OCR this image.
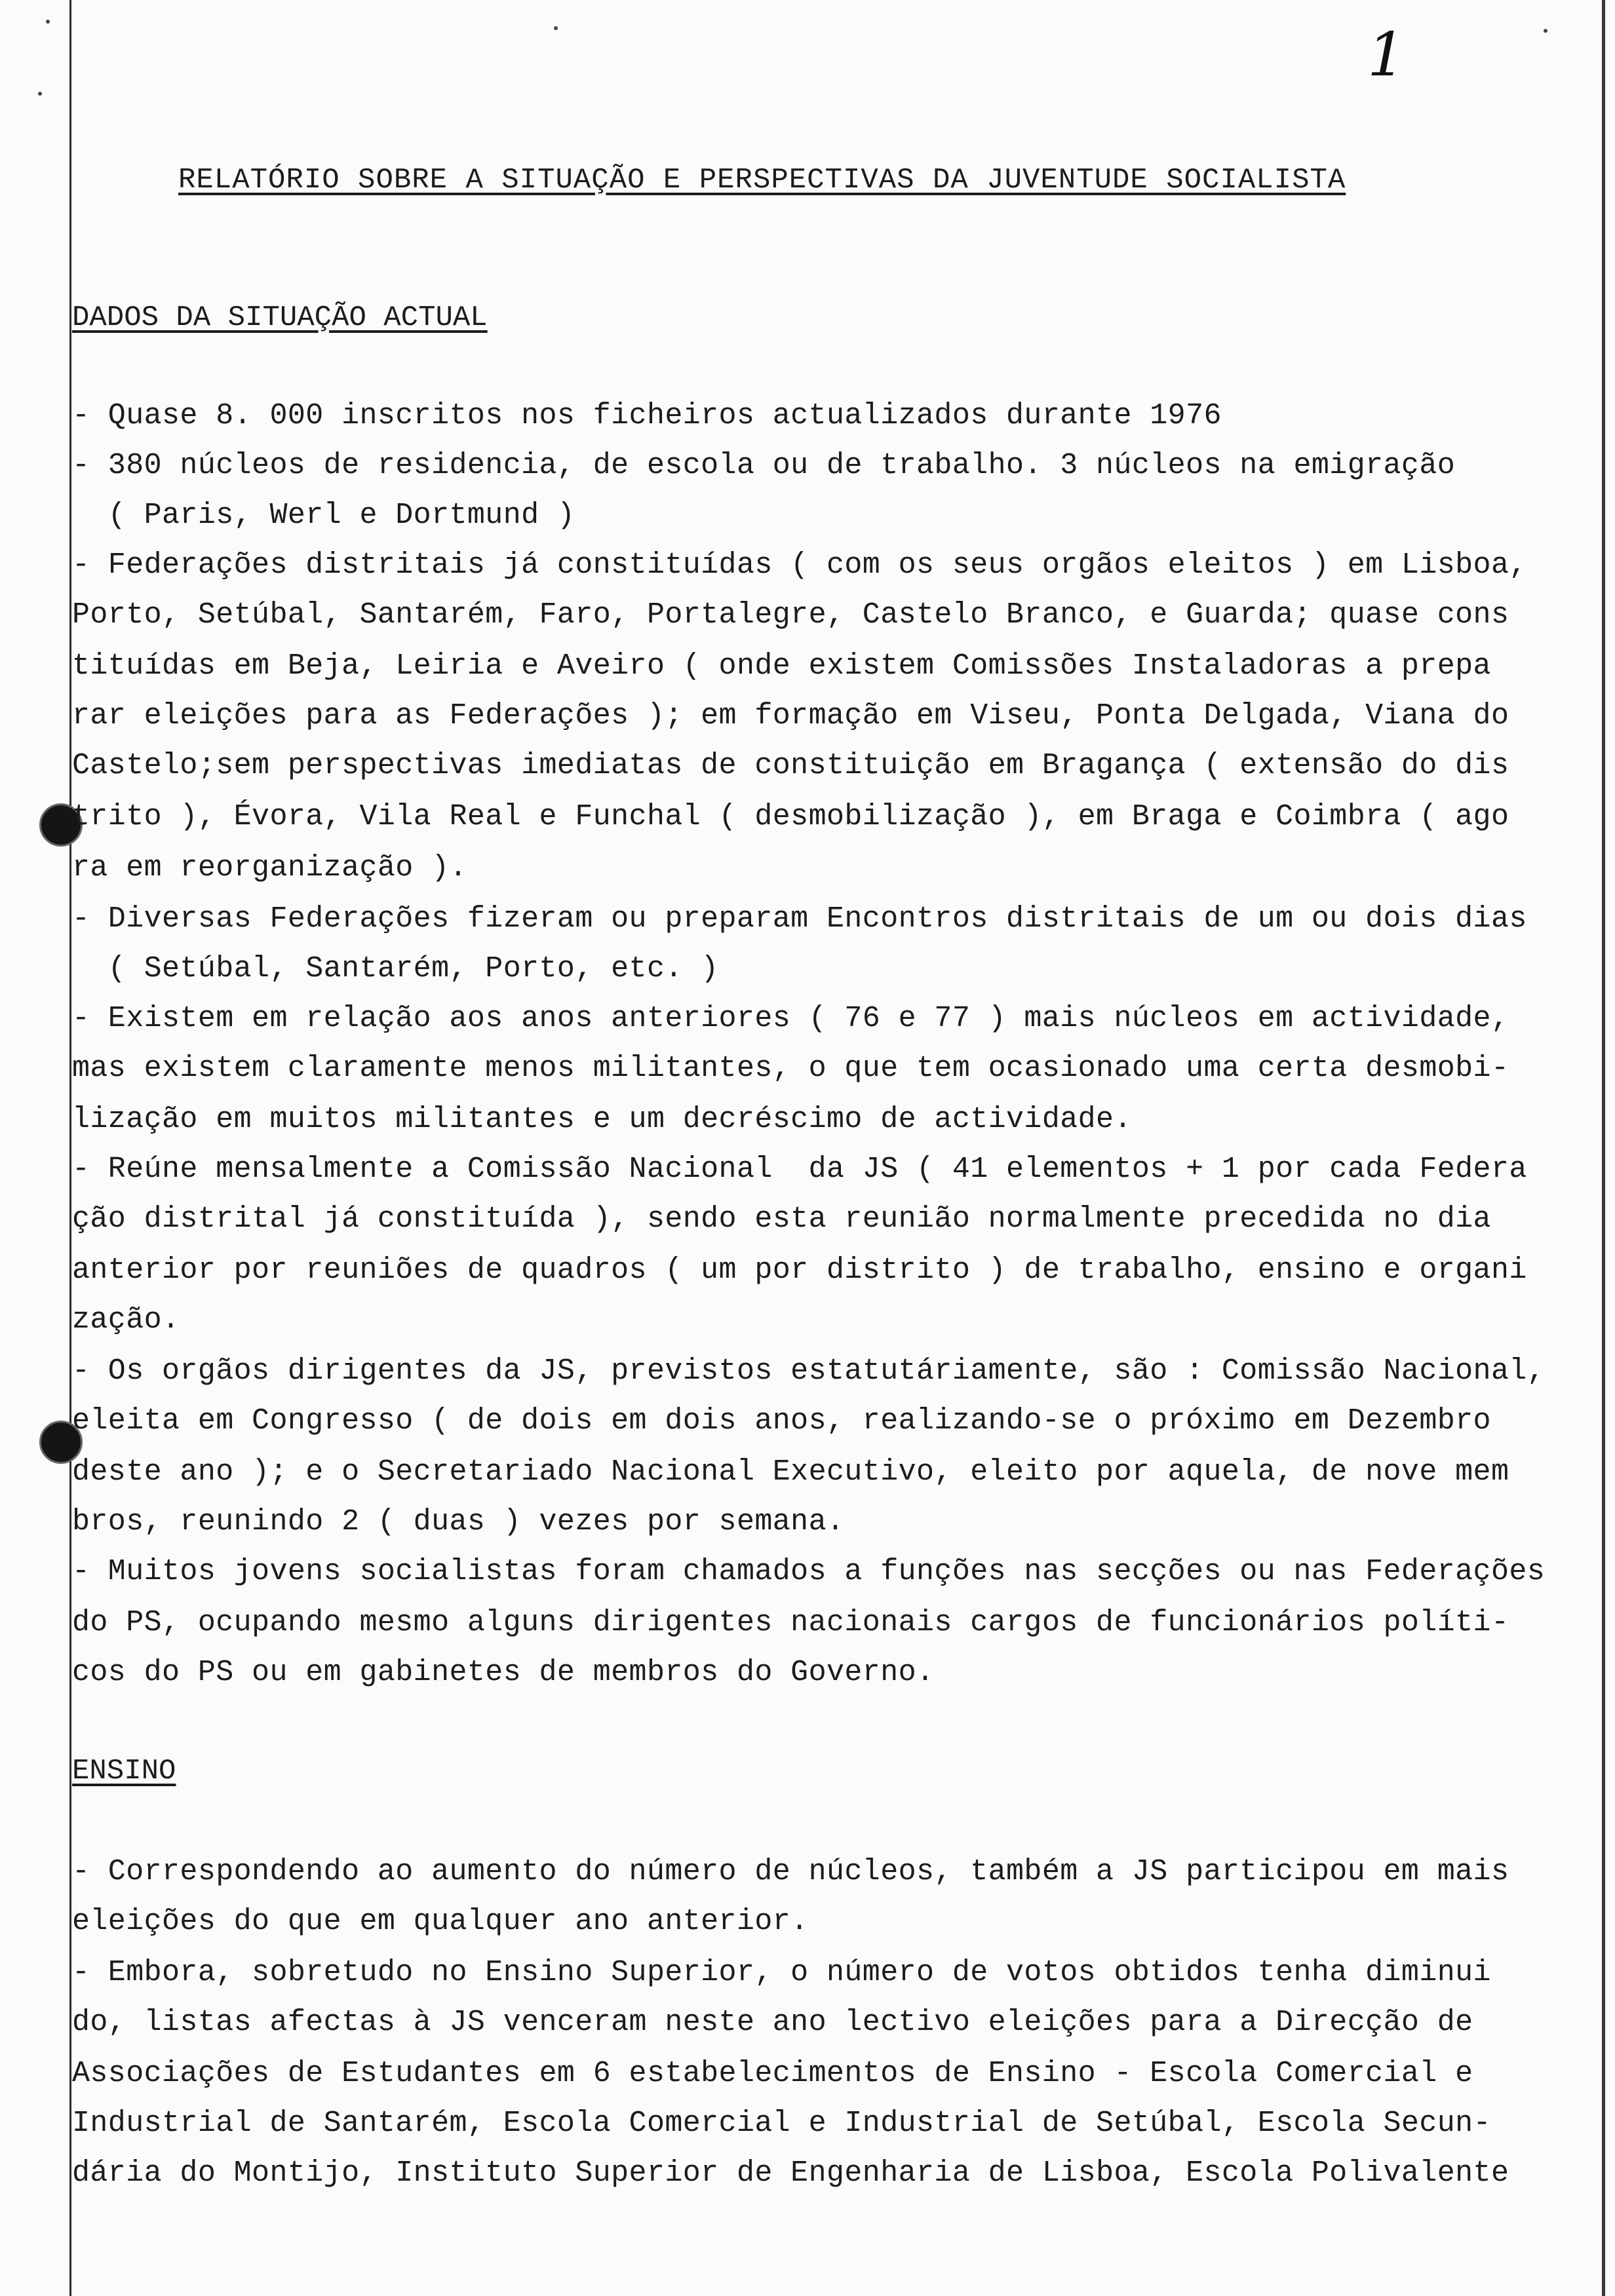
1
RELATÓRIO SOBRE A SITUAÇÃO E PERSPECTIVAS DA JUVENTUDE SOCIALISTA
DADOS DA SITUAÇÃO ACTUAL
- Quase 8. 000 inscritos nos ficheiros actualizados durante 1976
- 380 núcleos de residencia, de escola ou de trabalho. 3 núcleos na emigração
( Paris, Werl e Dortmund )
- Federações distritais já constituídas ( com os seus orgãos eleitos ) em Lisboa,
Porto, Setúbal, Santarém, Faro, Portalegre, Castelo Branco, e Guarda; quase cons
tituídas em Beja, Leiria e Aveiro ( onde existem Comissões Instaladoras a prepa
rar eleições para as Federações ); em formação em Viseu, Ponta Delgada, Viana do
Castelo;sem perspectivas imediatas de constituição em Bragança ( extensão do dis
trito ), Évora, Vila Real e Funchal ( desmobilização ), em Braga e Coimbra ( ago
ra em reorganização ).
- Diversas Federações fizeram ou preparam Encontros distritais de um ou dois dias
( Setúbal, Santarém, Porto, etc. )
- Existem em relação aos anos anteriores ( 76 e 77 ) mais núcleos em actividade,
mas existem claramente menos militantes, o que tem ocasionado uma certa desmobi-
lização em muitos militantes e um decréscimo de actividade.
- Reúne mensalmente a Comissão Nacional  da JS ( 41 elementos + 1 por cada Federa
ção distrital já constituída ), sendo esta reunião normalmente precedida no dia
anterior por reuniões de quadros ( um por distrito ) de trabalho, ensino e organi
zação.
- Os orgãos dirigentes da JS, previstos estatutáriamente, são : Comissão Nacional,
eleita em Congresso ( de dois em dois anos, realizando-se o próximo em Dezembro
deste ano ); e o Secretariado Nacional Executivo, eleito por aquela, de nove mem
bros, reunindo 2 ( duas ) vezes por semana.
- Muitos jovens socialistas foram chamados a funções nas secções ou nas Federações
do PS, ocupando mesmo alguns dirigentes nacionais cargos de funcionários políti-
cos do PS ou em gabinetes de membros do Governo.
ENSINO
- Correspondendo ao aumento do número de núcleos, também a JS participou em mais
eleições do que em qualquer ano anterior.
- Embora, sobretudo no Ensino Superior, o número de votos obtidos tenha diminui
do, listas afectas à JS venceram neste ano lectivo eleições para a Direcção de
Associações de Estudantes em 6 estabelecimentos de Ensino - Escola Comercial e
Industrial de Santarém, Escola Comercial e Industrial de Setúbal, Escola Secun-
dária do Montijo, Instituto Superior de Engenharia de Lisboa, Escola Polivalente
